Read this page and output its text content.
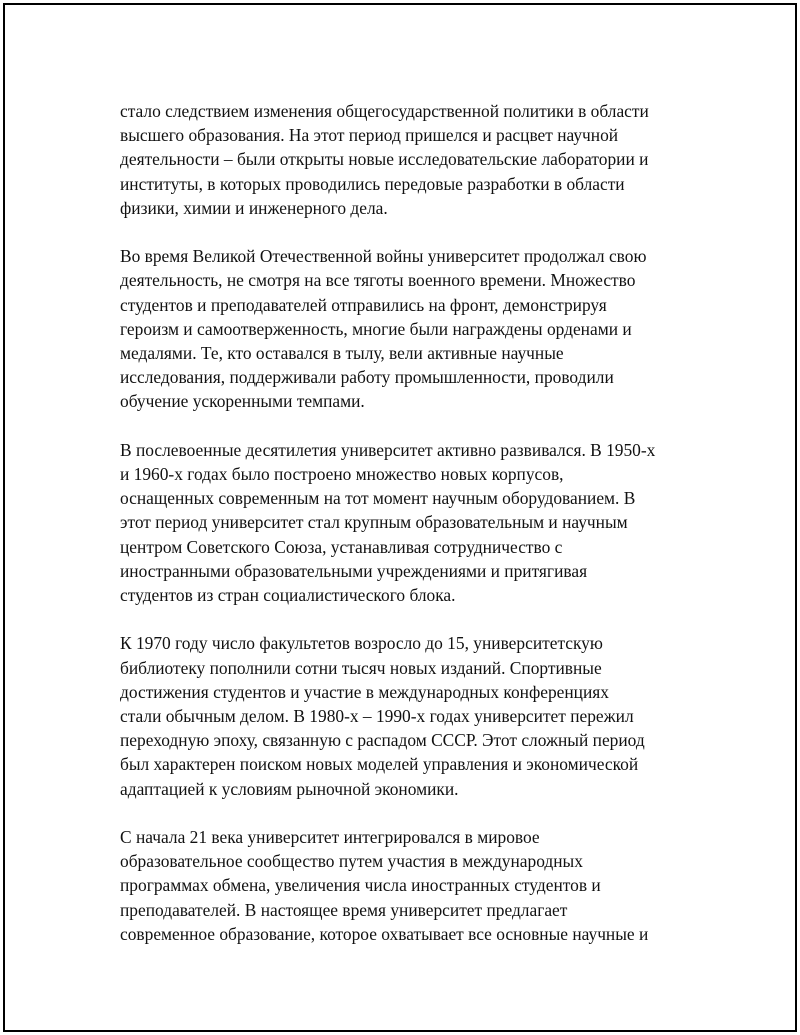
стало следствием изменения общегосударственной политики в области
высшего образования. На этот период пришелся и расцвет научной
деятельности – были открыты новые исследовательские лаборатории и
институты, в которых проводились передовые разработки в области
физики, химии и инженерного дела.

Во время Великой Отечественной войны университет продолжал свою
деятельность, не смотря на все тяготы военного времени. Множество
студентов и преподавателей отправились на фронт, демонстрируя
героизм и самоотверженность, многие были награждены орденами и
медалями. Те, кто оставался в тылу, вели активные научные
исследования, поддерживали работу промышленности, проводили
обучение ускоренными темпами.

В послевоенные десятилетия университет активно развивался. В 1950-х
и 1960-х годах было построено множество новых корпусов,
оснащенных современным на тот момент научным оборудованием. В
этот период университет стал крупным образовательным и научным
центром Советского Союза, устанавливая сотрудничество с
иностранными образовательными учреждениями и притягивая
студентов из стран социалистического блока.

К 1970 году число факультетов возросло до 15, университетскую
библиотеку пополнили сотни тысяч новых изданий. Спортивные
достижения студентов и участие в международных конференциях
стали обычным делом. В 1980-х – 1990-х годах университет пережил
переходную эпоху, связанную с распадом СССР. Этот сложный период
был характерен поиском новых моделей управления и экономической
адаптацией к условиям рыночной экономики.

С начала 21 века университет интегрировался в мировое
образовательное сообщество путем участия в международных
программах обмена, увеличения числа иностранных студентов и
преподавателей. В настоящее время университет предлагает
современное образование, которое охватывает все основные научные и
